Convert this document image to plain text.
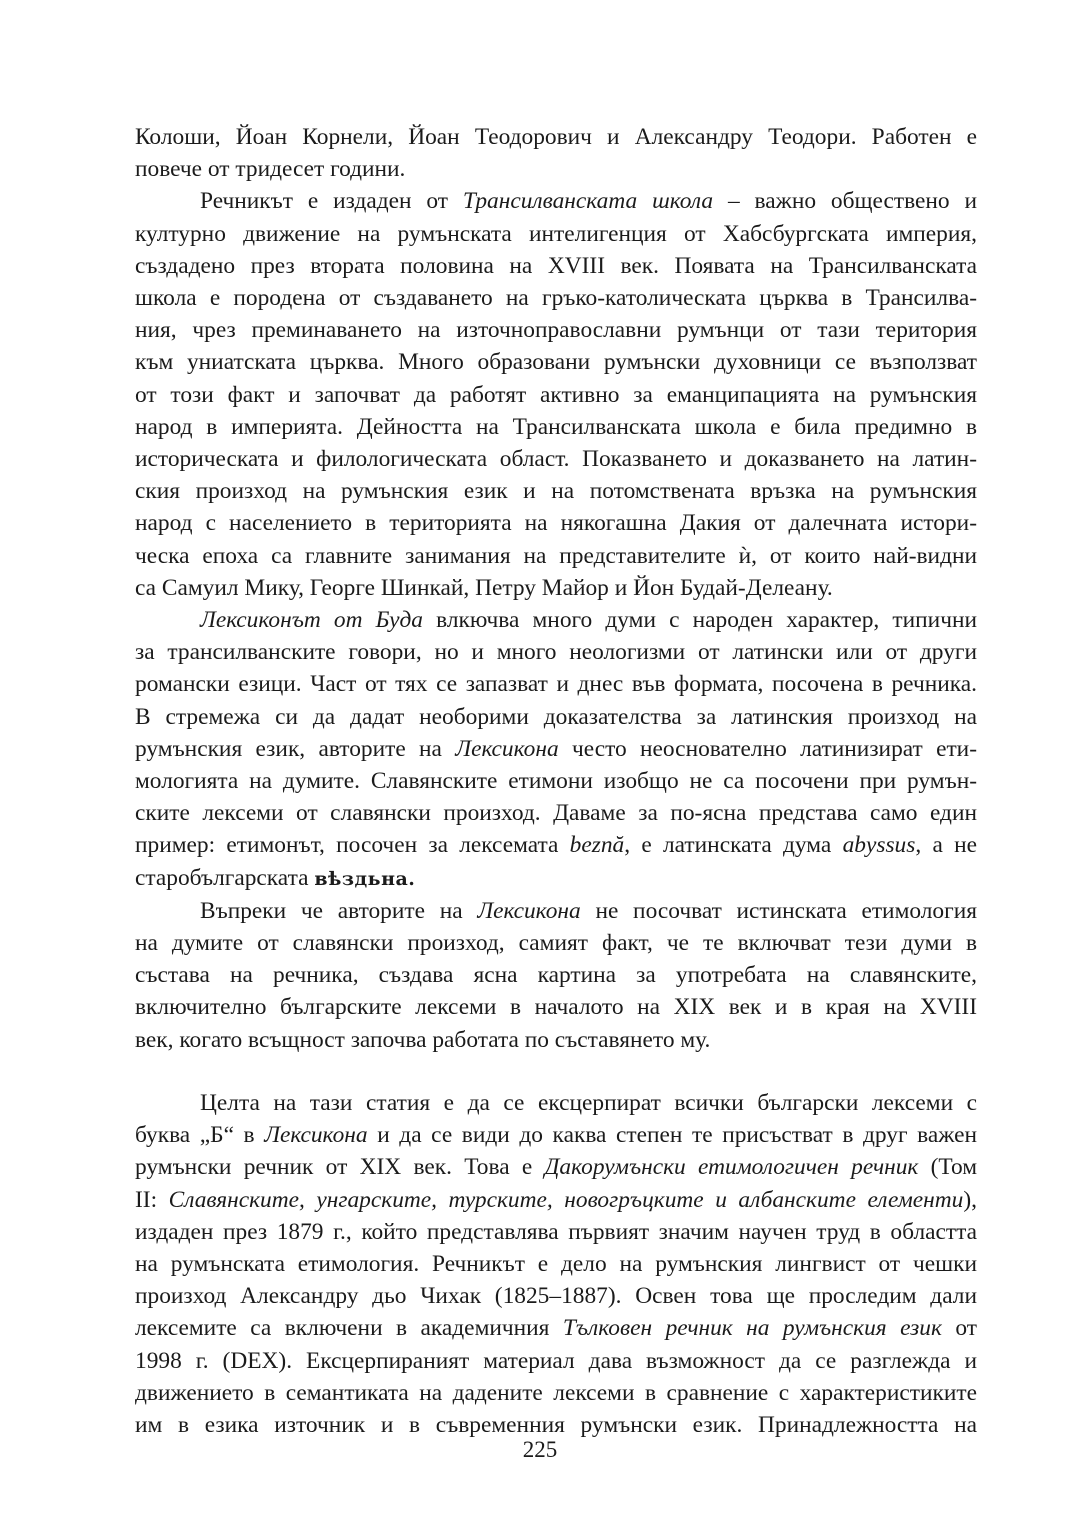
Колоши, Йоан Корнели, Йоан Теодорович и Александру Теодори. Работен е
повече от тридесет години.
Речникът е издаден от Трансилванската школа – важно обществено и
културно движение на румънската интелигенция от Хабсбургската империя,
създадено през втората половина на XVIII век. Появата на Трансилванската
школа е породена от създаването на гръко-католическата църква в Трансилва-
ния, чрез преминаването на източноправославни румънци от тази територия
към униатската църква. Много образовани румънски духовници се възползват
от този факт и започват да работят активно за еманципацията на румънския
народ в империята. Дейността на Трансилванската школа е била предимно в
историческата и филологическата област. Показването и доказването на латин-
ския произход на румънския език и на потомствената връзка на румънския
народ с населението в територията на някогашна Дакия от далечната истори-
ческа епоха са главните занимания на представителите ѝ, от които най-видни
са Самуил Мику, Георге Шинкай, Петру Майор и Йон Будай-Делеану.
Лексиконът от Буда влкючва много думи с народен характер, типични
за трансилванските говори, но и много неологизми от латински или от други
романски езици. Част от тях се запазват и днес във формата, посочена в речника.
В стремежа си да дадат необорими доказателства за латинския произход на
румънския език, авторите на Лексикона често неоснователно латинизират ети-
мологията на думите. Славянските етимони изобщо не са посочени при румън-
ските лексеми от славянски произход. Даваме за по-ясна представа само един
пример: етимонът, посочен за лексемата beznă, е латинската дума abyssus, а не
старобългарската вѣздьна.
Въпреки че авторите на Лексикона не посочват истинската етимология
на думите от славянски произход, самият факт, че те включват тези думи в
състава на речника, създава ясна картина за употребата на славянските,
включително българските лексеми в началото на XIX век и в края на XVIII
век, когато всъщност започва работата по съставянето му.
Целта на тази статия е да се ексцерпират всички български лексеми с
буква „Б“ в Лексикона и да се види до каква степен те присъстват в друг важен
румънски речник от XIX век. Това е Дакорумънски етимологичен речник (Том
II: Славянските, унгарските, турските, новогръцките и албанските елементи),
издаден през 1879 г., който представлява първият значим научен труд в областта
на румънската етимология. Речникът е дело на румънския лингвист от чешки
произход Александру дьо Чихак (1825–1887). Освен това ще проследим дали
лексемите са включени в академичния Тълковен речник на румънския език от
1998 г. (DEX). Ексцерпираният материал дава възможност да се разглежда и
движението в семантиката на дадените лексеми в сравнение с характеристиките
им в езика източник и в съвременния румънски език. Принадлежността на
225
